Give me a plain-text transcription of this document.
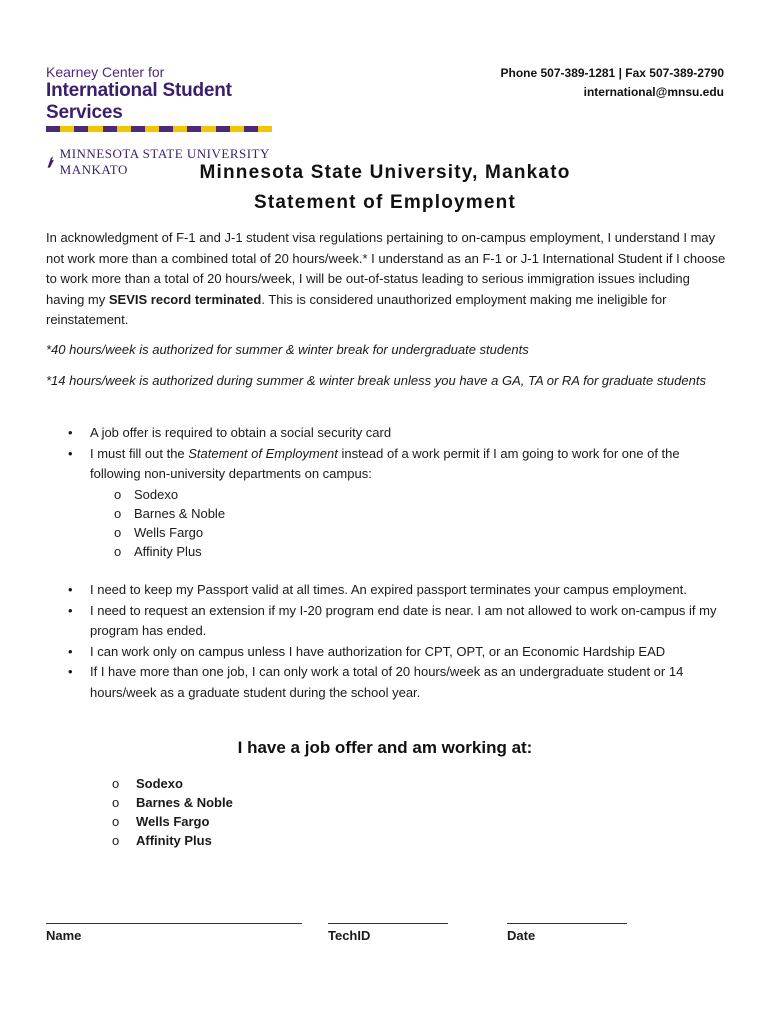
Kearney Center for
International Student Services
MINNESOTA STATE UNIVERSITY MANKATO
Phone 507-389-1281 | Fax 507-389-2790
international@mnsu.edu
Minnesota State University, Mankato
Statement of Employment
In acknowledgment of F-1 and J-1 student visa regulations pertaining to on-campus employment, I understand I may not work more than a combined total of 20 hours/week.* I understand as an F-1 or J-1 International Student if I choose to work more than a total of 20 hours/week, I will be out-of-status leading to serious immigration issues including having my SEVIS record terminated. This is considered unauthorized employment making me ineligible for reinstatement.
*40 hours/week is authorized for summer & winter break for undergraduate students
*14 hours/week is authorized during summer & winter break unless you have a GA, TA or RA for graduate students
• A job offer is required to obtain a social security card
• I must fill out the Statement of Employment instead of a work permit if I am going to work for one of the following non-university departments on campus:
o Sodexo
o Barnes & Noble
o Wells Fargo
o Affinity Plus
• I need to keep my Passport valid at all times. An expired passport terminates your campus employment.
• I need to request an extension if my I-20 program end date is near. I am not allowed to work on-campus if my program has ended.
• I can work only on campus unless I have authorization for CPT, OPT, or an Economic Hardship EAD
• If I have more than one job, I can only work a total of 20 hours/week as an undergraduate student or 14 hours/week as a graduate student during the school year.
I have a job offer and am working at:
o Sodexo
o Barnes & Noble
o Wells Fargo
o Affinity Plus
Name	TechID	Date
